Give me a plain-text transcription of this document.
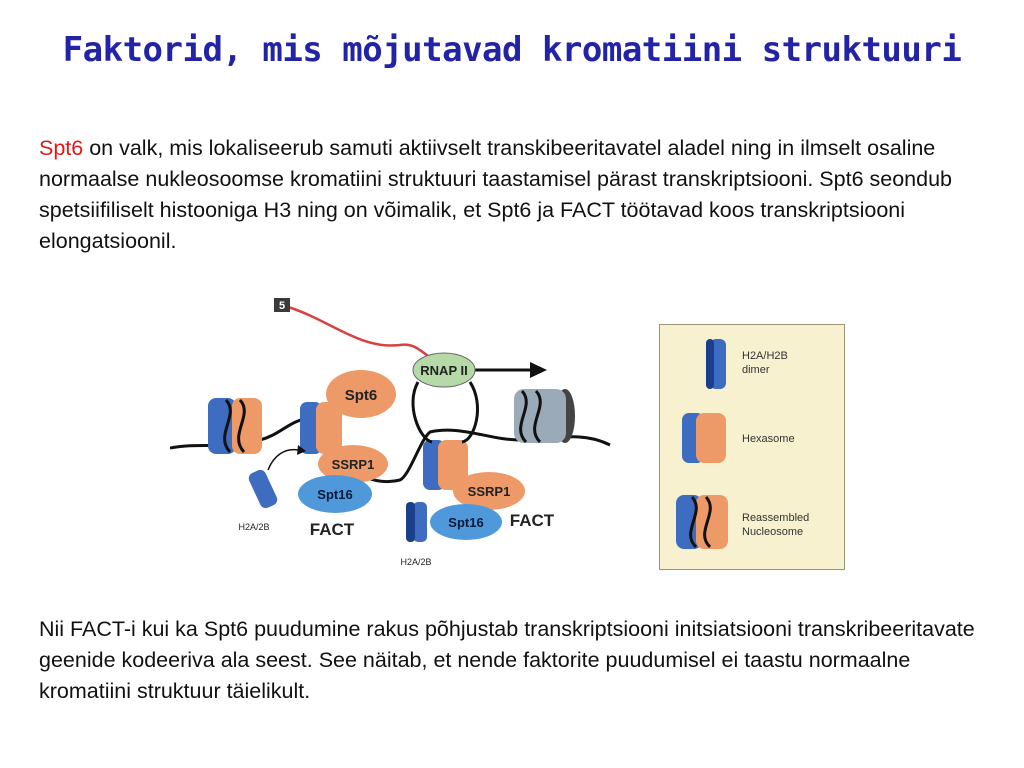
Faktorid, mis mõjutavad kromatiini struktuuri
Spt6 on valk, mis lokaliseerub samuti aktiivselt transkibeeritavatel aladel ning in ilmselt osaline normaalse nukleosoomse kromatiini struktuuri taastamisel pärast transkriptsiooni. Spt6 seondub spetsiifiliselt histooniga H3 ning on võimalik, et Spt6 ja FACT töötavad koos transkriptsiooni elongatsioonil.
5
RNAP II
Spt6
SSRP1
Spt16
FACT
H2A/2B
SSRP1
Spt16 FACT
H2A/2B
H2A/H2B
dimer
Hexasome
Reassembled
Nucleosome
Nii FACT-i kui ka Spt6 puudumine rakus põhjustab transkriptsiooni initsiatsiooni transkribeeritavate geenide kodeeriva ala seest. See näitab, et nende faktorite puudumisel ei taastu normaalne kromatiini struktuur täielikult.
